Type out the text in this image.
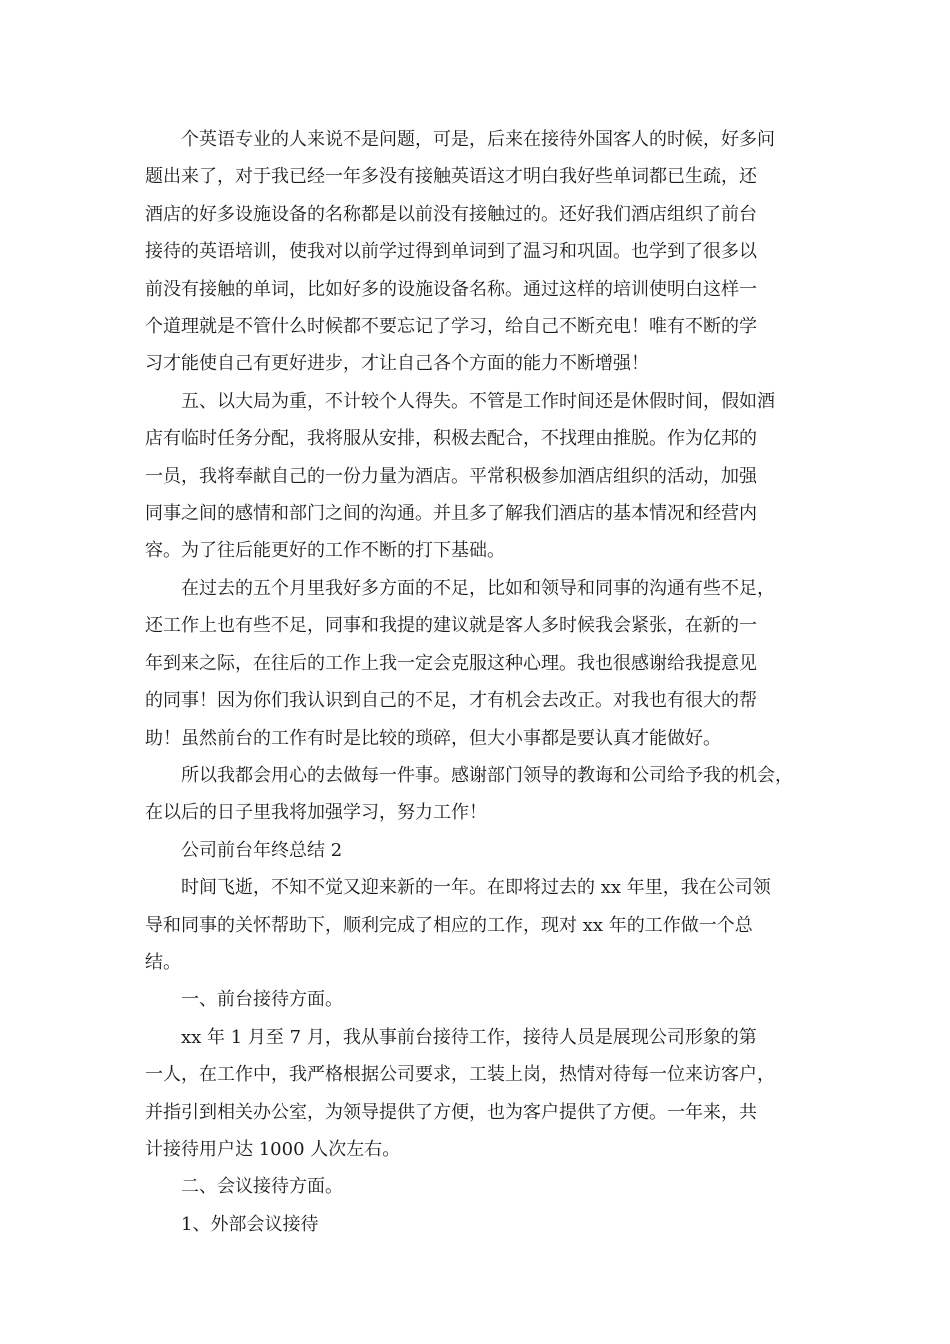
　　个英语专业的人来说不是问题，可是，后来在接待外国客人的时候，好多问
题出来了，对于我已经一年多没有接触英语这才明白我好些单词都已生疏，还
酒店的好多设施设备的名称都是以前没有接触过的。还好我们酒店组织了前台
接待的英语培训，使我对以前学过得到单词到了温习和巩固。也学到了很多以
前没有接触的单词，比如好多的设施设备名称。通过这样的培训使明白这样一
个道理就是不管什么时候都不要忘记了学习，给自己不断充电！唯有不断的学
习才能使自己有更好进步，才让自己各个方面的能力不断增强！

　　五、以大局为重，不计较个人得失。不管是工作时间还是休假时间，假如酒
店有临时任务分配，我将服从安排，积极去配合，不找理由推脱。作为亿邦的
一员，我将奉献自己的一份力量为酒店。平常积极参加酒店组织的活动，加强
同事之间的感情和部门之间的沟通。并且多了解我们酒店的基本情况和经营内
容。为了往后能更好的工作不断的打下基础。

　　在过去的五个月里我好多方面的不足，比如和领导和同事的沟通有些不足，
还工作上也有些不足，同事和我提的建议就是客人多时候我会紧张，在新的一
年到来之际，在往后的工作上我一定会克服这种心理。我也很感谢给我提意见
的同事！因为你们我认识到自己的不足，才有机会去改正。对我也有很大的帮
助！虽然前台的工作有时是比较的琐碎，但大小事都是要认真才能做好。

　　所以我都会用心的去做每一件事。感谢部门领导的教诲和公司给予我的机会，
在以后的日子里我将加强学习，努力工作！

　　公司前台年终总结 2

　　时间飞逝，不知不觉又迎来新的一年。在即将过去的 xx 年里，我在公司领
导和同事的关怀帮助下，顺利完成了相应的工作，现对 xx 年的工作做一个总
结。

　　一、前台接待方面。

　　xx 年 1 月至 7 月，我从事前台接待工作，接待人员是展现公司形象的第
一人，在工作中，我严格根据公司要求，工装上岗，热情对待每一位来访客户，
并指引到相关办公室，为领导提供了方便，也为客户提供了方便。一年来，共
计接待用户达 1000 人次左右。

　　二、会议接待方面。

　　1、外部会议接待
